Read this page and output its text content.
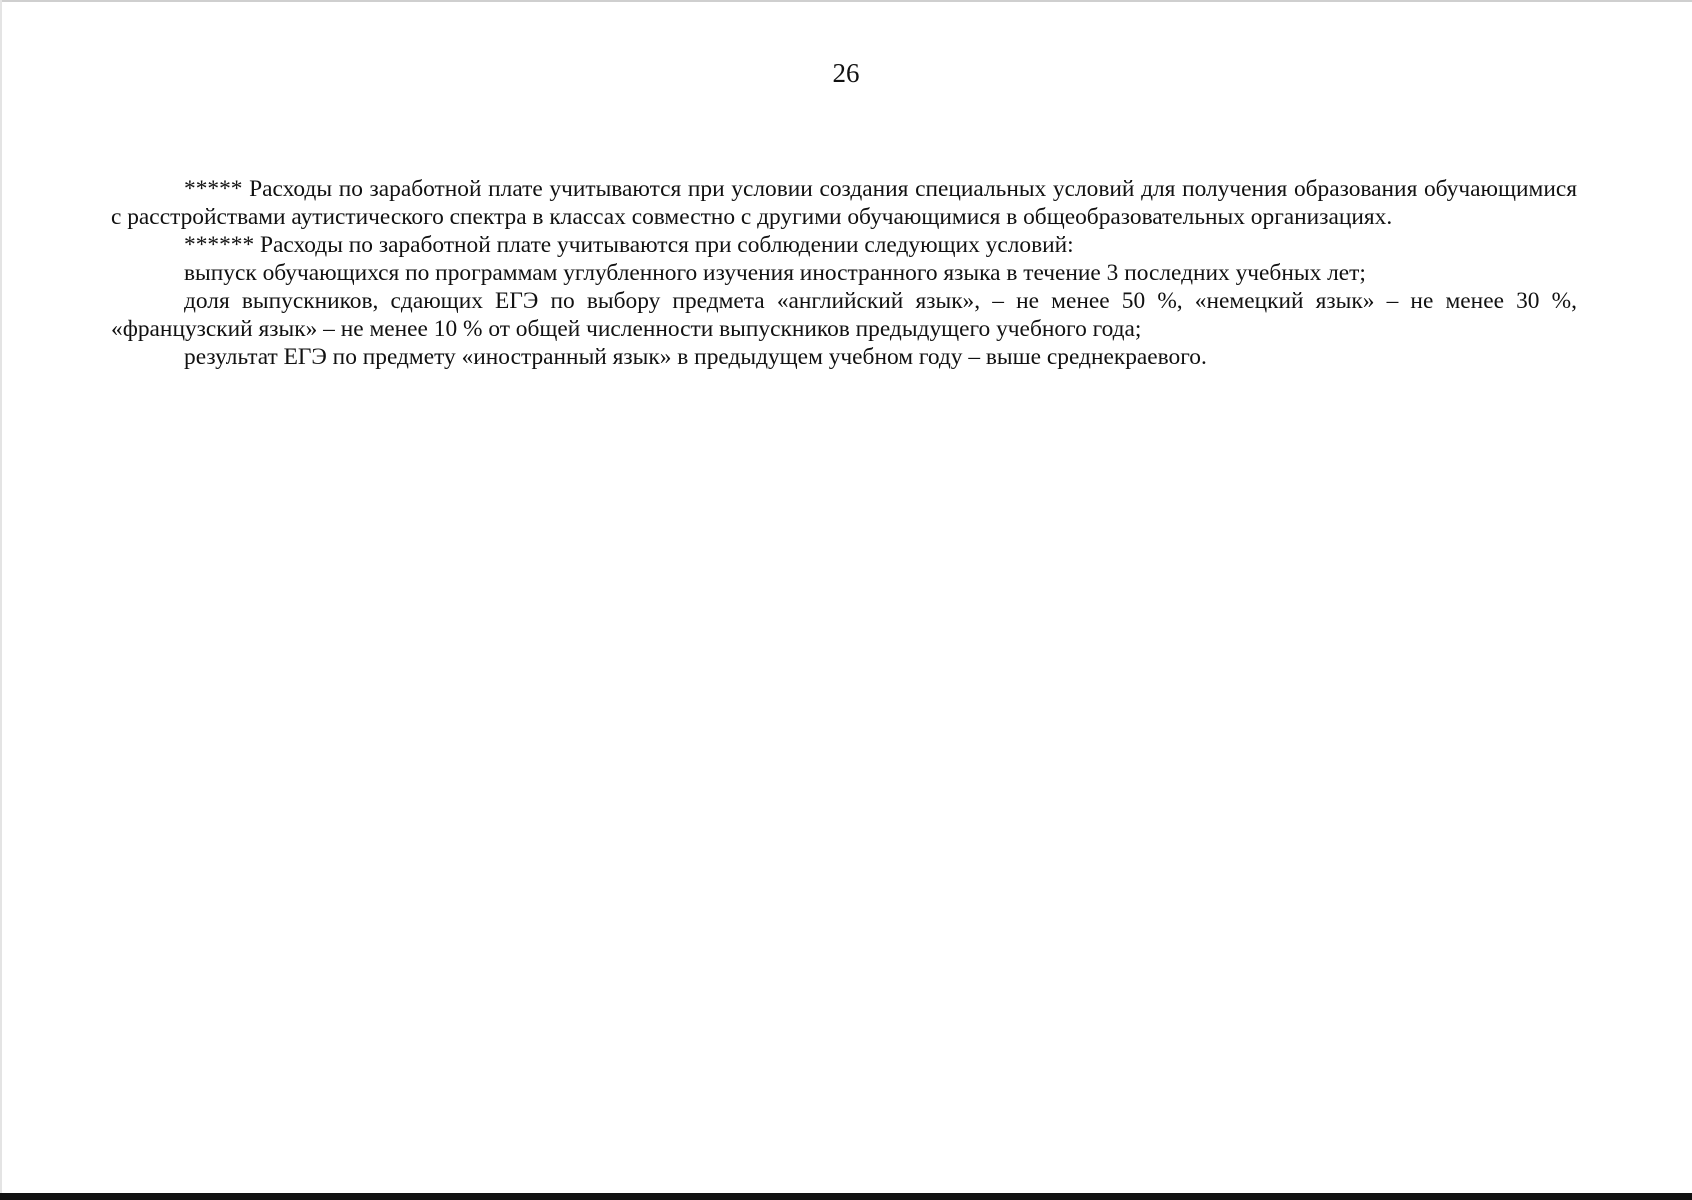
26

***** Расходы по заработной плате учитываются при условии создания специальных условий для получения образования обучающимися с расстройствами аутистического спектра в классах совместно с другими обучающимися в общеобразовательных организациях.

****** Расходы по заработной плате учитываются при соблюдении следующих условий:

выпуск обучающихся по программам углубленного изучения иностранного языка в течение 3 последних учебных лет;

доля выпускников, сдающих ЕГЭ по выбору предмета «английский язык», – не менее 50 %, «немецкий язык» – не менее 30 %, «французский язык» – не менее 10 % от общей численности выпускников предыдущего учебного года;

результат ЕГЭ по предмету «иностранный язык» в предыдущем учебном году – выше среднекраевого.
